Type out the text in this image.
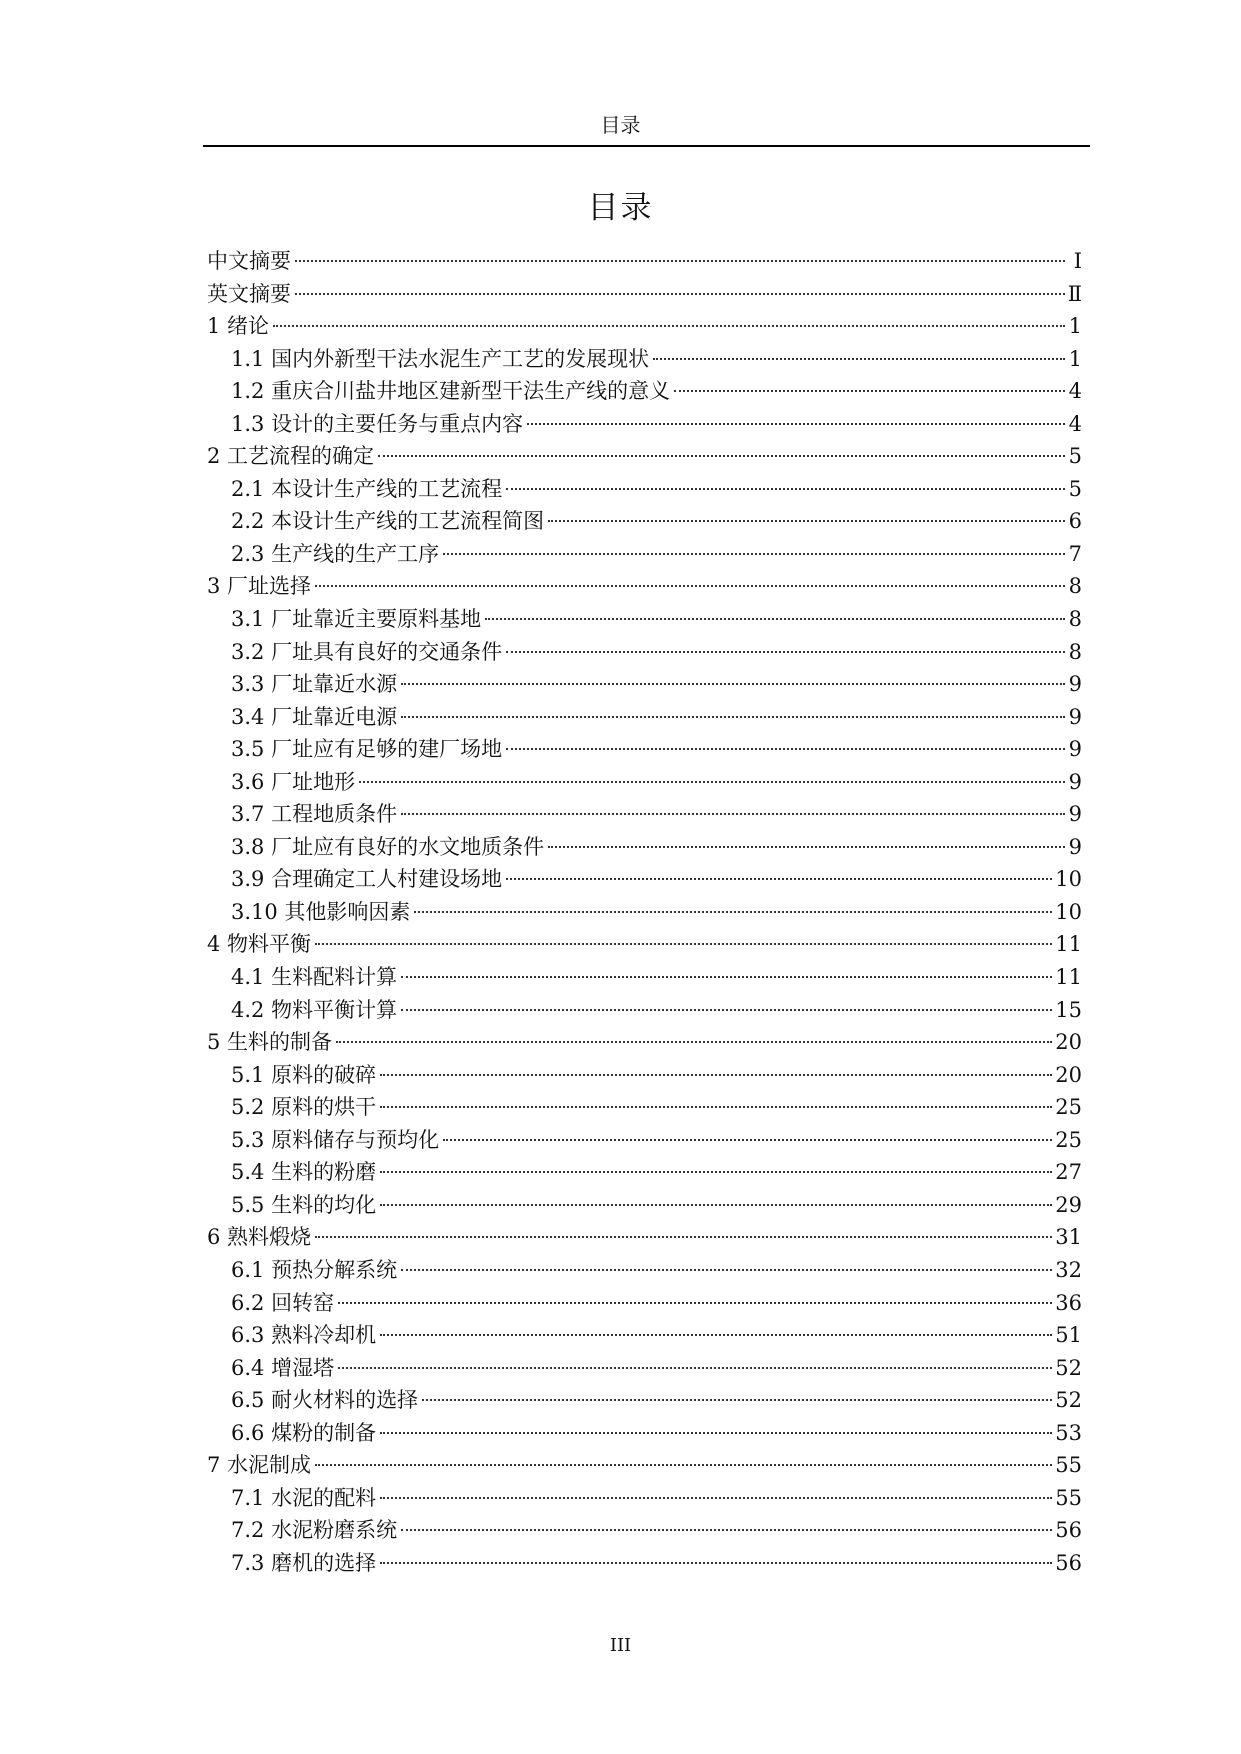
目录
目录
中文摘要	Ⅰ
英文摘要	Ⅱ
1 绪论	1
1.1 国内外新型干法水泥生产工艺的发展现状	1
1.2 重庆合川盐井地区建新型干法生产线的意义	4
1.3 设计的主要任务与重点内容	4
2 工艺流程的确定	5
2.1 本设计生产线的工艺流程	5
2.2 本设计生产线的工艺流程简图	6
2.3 生产线的生产工序	7
3 厂址选择	8
3.1 厂址靠近主要原料基地	8
3.2 厂址具有良好的交通条件	8
3.3 厂址靠近水源	9
3.4 厂址靠近电源	9
3.5 厂址应有足够的建厂场地	9
3.6 厂址地形	9
3.7 工程地质条件	9
3.8 厂址应有良好的水文地质条件	9
3.9 合理确定工人村建设场地	10
3.10 其他影响因素	10
4 物料平衡	11
4.1 生料配料计算	11
4.2 物料平衡计算	15
5 生料的制备	20
5.1 原料的破碎	20
5.2 原料的烘干	25
5.3 原料储存与预均化	25
5.4 生料的粉磨	27
5.5 生料的均化	29
6 熟料煅烧	31
6.1 预热分解系统	32
6.2 回转窑	36
6.3 熟料冷却机	51
6.4 增湿塔	52
6.5 耐火材料的选择	52
6.6 煤粉的制备	53
7 水泥制成	55
7.1 水泥的配料	55
7.2 水泥粉磨系统	56
7.3 磨机的选择	56
III
